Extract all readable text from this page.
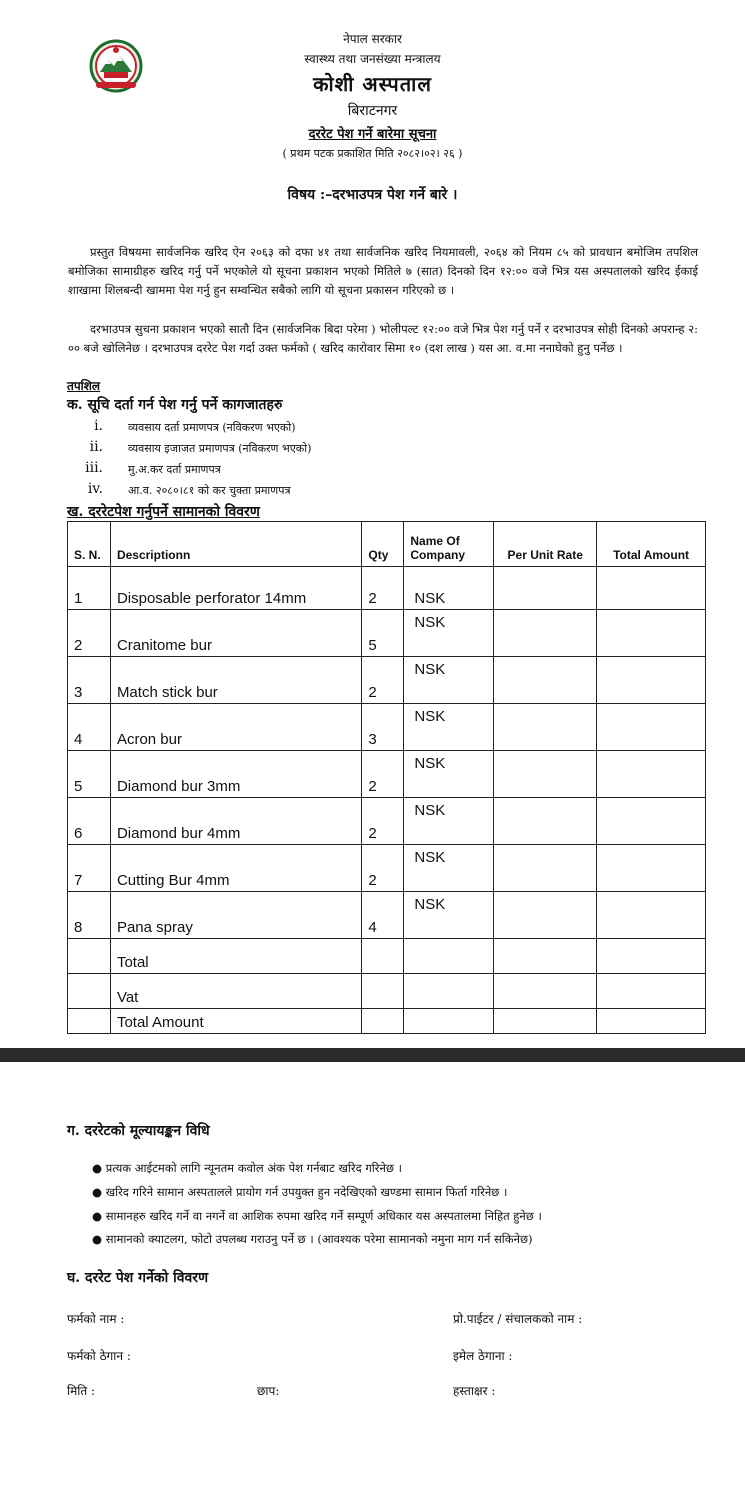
नेपाल सरकार
स्वास्थ्य तथा जनसंख्या मन्त्रालय
कोशी अस्पताल
बिराटनगर
दररेट पेश गर्ने बारेमा सूचना
( प्रथम पटक प्रकाशित मिति २०८२।०२। २६ )
विषय :–दरभाउपत्र पेश गर्ने बारे ।
प्रस्तुत विषयमा सार्वजनिक खरिद ऐन २०६३ को दफा ४१ तथा सार्वजनिक खरिद नियमावली, २०६४ को नियम ८५ को प्रावधान बमोजिम तपशिल बमोजिका सामाग्रीहरु खरिद गर्नु पर्ने भएकोले यो सूचना प्रकाशन भएको मितिले ७ (सात) दिनको दिन १२:०० वजे भित्र यस अस्पतालको खरिद ईकाई शाखामा शिलबन्दी खाममा पेश गर्नु हुन सम्वन्धित सबैको लागि यो सूचना प्रकासन गरिएको छ ।
दरभाउपत्र सुचना प्रकाशन भएको सातौ दिन (सार्वजनिक बिदा परेमा ) भोलीपल्ट १२:०० वजे भित्र पेश गर्नु पर्ने र दरभाउपत्र सोही दिनको अपरान्ह २: ०० बजे खोलिनेछ । दरभाउपत्र दररेट पेश गर्दा उक्त फर्मको ( खरिद कारोवार सिमा १० (दश लाख ) यस आ. व.मा ननाघेको हुनु पर्नेछ ।
तपशिल
क. सूचि दर्ता गर्न पेश गर्नु पर्ने कागजातहरु
i. व्यवसाय दर्ता प्रमाणपत्र (नविकरण भएको)
ii. व्यवसाय इजाजत प्रमाणपत्र (नविकरण भएको)
iii. मु.अ.कर दर्ता प्रमाणपत्र
iv. आ.व. २०८०।८१ को कर चुक्ता प्रमाणपत्र
ख. दररेटपेश गर्नुपर्ने सामानको विवरण
S. N.	Descriptionn	Qty	Name Of Company	Per Unit Rate	Total Amount
1	Disposable perforator 14mm	2	NSK		
2	Cranitome bur	5	NSK		
3	Match stick bur	2	NSK		
4	Acron bur	3	NSK		
5	Diamond bur 3mm	2	NSK		
6	Diamond bur 4mm	2	NSK		
7	Cutting Bur 4mm	2	NSK		
8	Pana spray	4	NSK		
	Total				
	Vat				
	Total Amount				
ग. दररेटको मूल्यायङ्कन विधि
● प्रत्यक आईटमको लागि न्यूनतम कवोल अंक पेश गर्नबाट खरिद गरिनेछ ।
● खरिद गरिने सामान अस्पतालले प्रायोग गर्न उपयुक्त हुन नदेखिएको खण्डमा सामान फिर्ता गरिनेछ ।
● सामानहरु खरिद गर्ने वा नगर्ने वा आशिक रुपमा खरिद गर्ने सम्पूर्ण अधिकार यस अस्पतालमा निहित हुनेछ ।
● सामानको क्याटलग, फोटो उपलब्ध गराउनु पर्ने छ । (आवश्यक परेमा सामानको नमुना माग गर्न सकिनेछ)
घ. दररेट पेश गर्नेको विवरण
फर्मको नाम :	प्रो.पाईटर / संचालकको नाम :
फर्मको ठेगान :	इमेल ठेगाना :
मिति :	छाप:	हस्ताक्षर :
